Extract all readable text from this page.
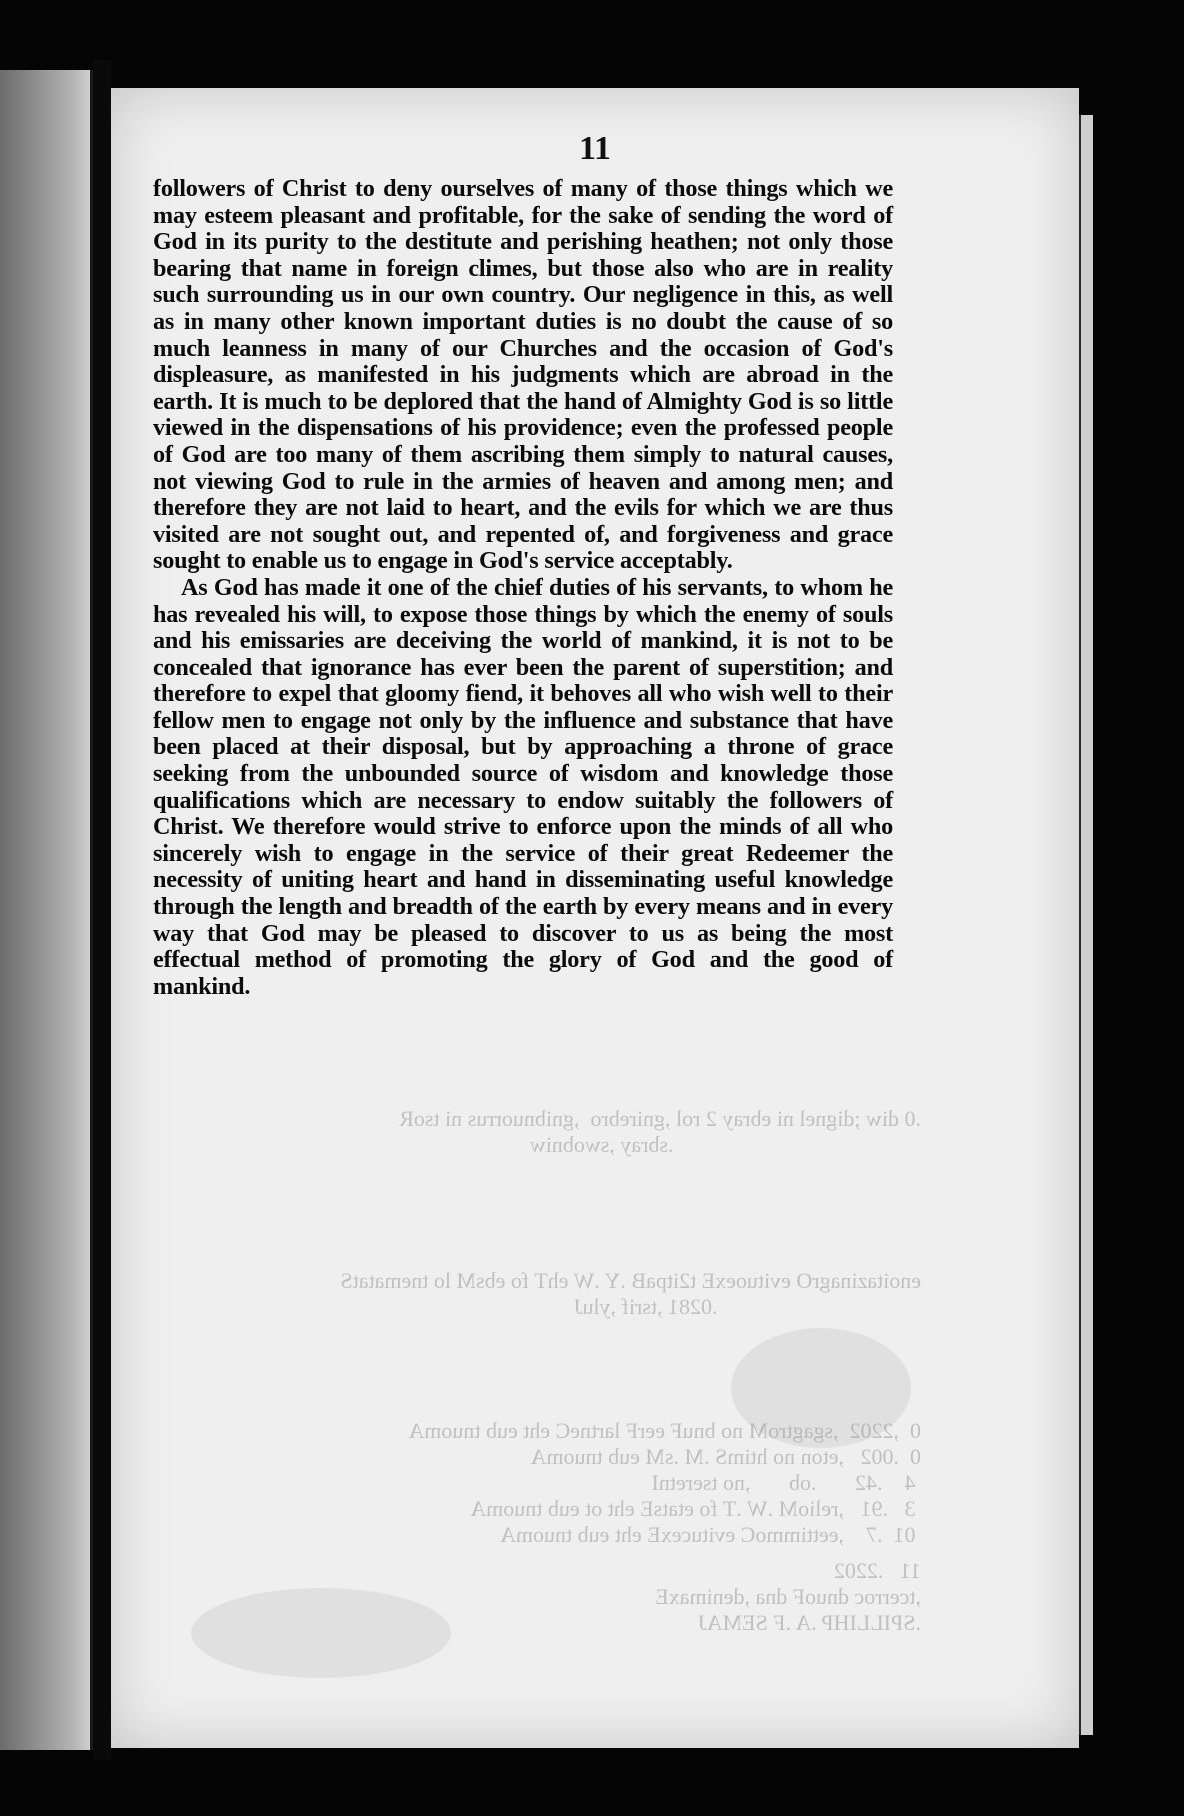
.0 diw ;dignel ni ebray 2 rol ,gnirebro  ,gnibnuorrus ni tsoR
.sbray ,swobniw
enoitazinagrO evituoexE t2itpaB .Y .W ehT fo ebsM lo tnematatS
.0281 ,tsrif ,yluJ
0  ,2202  ,sgagtroM no bnuF eerF lartneC eht eub tnuomA
0  .002   ,eton no htimS .M .sM eub tnuomA
4    .42       .ob       ,no tseretnI
3   .91   ,relioM .W .T fo etatsE eht ot eub tnuomA
01  .7    ,eettimmoC evitucexE eht eub tnuomA
11   .2202
,tcerroc dnuoF dna ,denimaxE
.SPILLIHP .A .F SEMAJ
11

followers of Christ to deny ourselves of many of those things which we may esteem pleasant and profitable, for the sake of sending the word of God in its purity to the destitute and perishing heathen; not only those bearing that name in foreign climes, but those also who are in reality such surrounding us in our own country. Our negligence in this, as well as in many other known important duties is no doubt the cause of so much leanness in many of our Churches and the occasion of God's displeasure, as manifested in his judgments which are abroad in the earth. It is much to be deplored that the hand of Almighty God is so little viewed in the dispensations of his providence; even the professed people of God are too many of them ascribing them simply to natural causes, not viewing God to rule in the armies of heaven and among men; and therefore they are not laid to heart, and the evils for which we are thus visited are not sought out, and repented of, and forgiveness and grace sought to enable us to engage in God's service acceptably.

As God has made it one of the chief duties of his servants, to whom he has revealed his will, to expose those things by which the enemy of souls and his emissaries are deceiving the world of mankind, it is not to be concealed that ignorance has ever been the parent of superstition; and therefore to expel that gloomy fiend, it behoves all who wish well to their fellow men to engage not only by the influence and substance that have been placed at their disposal, but by approaching a throne of grace seeking from the unbounded source of wisdom and knowledge those qualifications which are necessary to endow suitably the followers of Christ. We therefore would strive to enforce upon the minds of all who sincerely wish to engage in the service of their great Redeemer the necessity of uniting heart and hand in disseminating useful knowledge through the length and breadth of the earth by every means and in every way that God may be pleased to discover to us as being the most effectual method of promoting the glory of God and the good of mankind.
